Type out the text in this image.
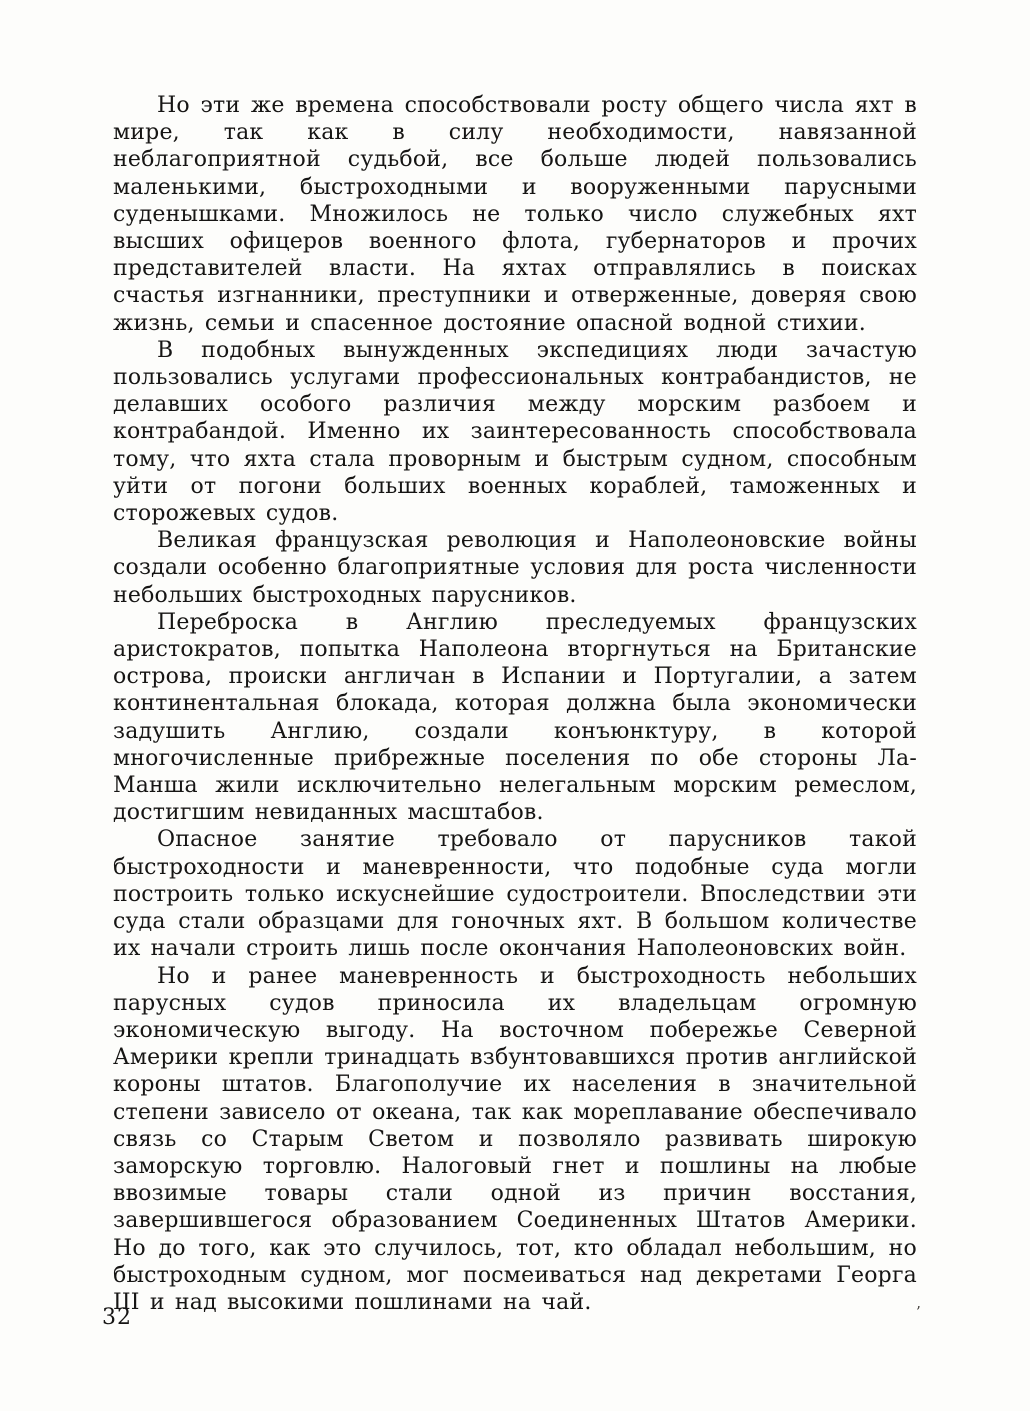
Но эти же времена способствовали росту общего числа яхт в мире, так как в силу необходимости, навязанной неблагоприятной судьбой, все больше людей пользовались маленькими, быстроходными и вооруженными парусными суденышками. Множилось не только число служебных яхт высших офицеров военного флота, губернаторов и прочих представителей власти. На яхтах отправлялись в поисках счастья изгнанники, преступники и отверженные, доверяя свою жизнь, семьи и спасенное достояние опасной водной стихии.

В подобных вынужденных экспедициях люди зачастую пользовались услугами профессиональных контрабандистов, не делавших особого различия между морским разбоем и контрабандой. Именно их заинтересованность способствовала тому, что яхта стала проворным и быстрым судном, способным уйти от погони больших военных кораблей, таможенных и сторожевых судов.

Великая французская революция и Наполеоновские войны создали особенно благоприятные условия для роста численности небольших быстроходных парусников.

Переброска в Англию преследуемых французских аристократов, попытка Наполеона вторгнуться на Британские острова, происки англичан в Испании и Португалии, а затем континентальная блокада, которая должна была экономически задушить Англию, создали конъюнктуру, в которой многочисленные прибрежные поселения по обе стороны Ла-Манша жили исключительно нелегальным морским ремеслом, достигшим невиданных масштабов.

Опасное занятие требовало от парусников такой быстроходности и маневренности, что подобные суда могли построить только искуснейшие судостроители. Впоследствии эти суда стали образцами для гоночных яхт. В большом количестве их начали строить лишь после окончания Наполеоновских войн.

Но и ранее маневренность и быстроходность небольших парусных судов приносила их владельцам огромную экономическую выгоду. На восточном побережье Северной Америки крепли тринадцать взбунтовавшихся против английской короны штатов. Благополучие их населения в значительной степени зависело от океана, так как мореплавание обеспечивало связь со Старым Светом и позволяло развивать широкую заморскую торговлю. Налоговый гнет и пошлины на любые ввозимые товары стали одной из причин восстания, завершившегося образованием Соединенных Штатов Америки. Но до того, как это случилось, тот, кто обладал небольшим, но быстроходным судном, мог посмеиваться над декретами Георга III и над высокими пошлинами на чай.

32	’
